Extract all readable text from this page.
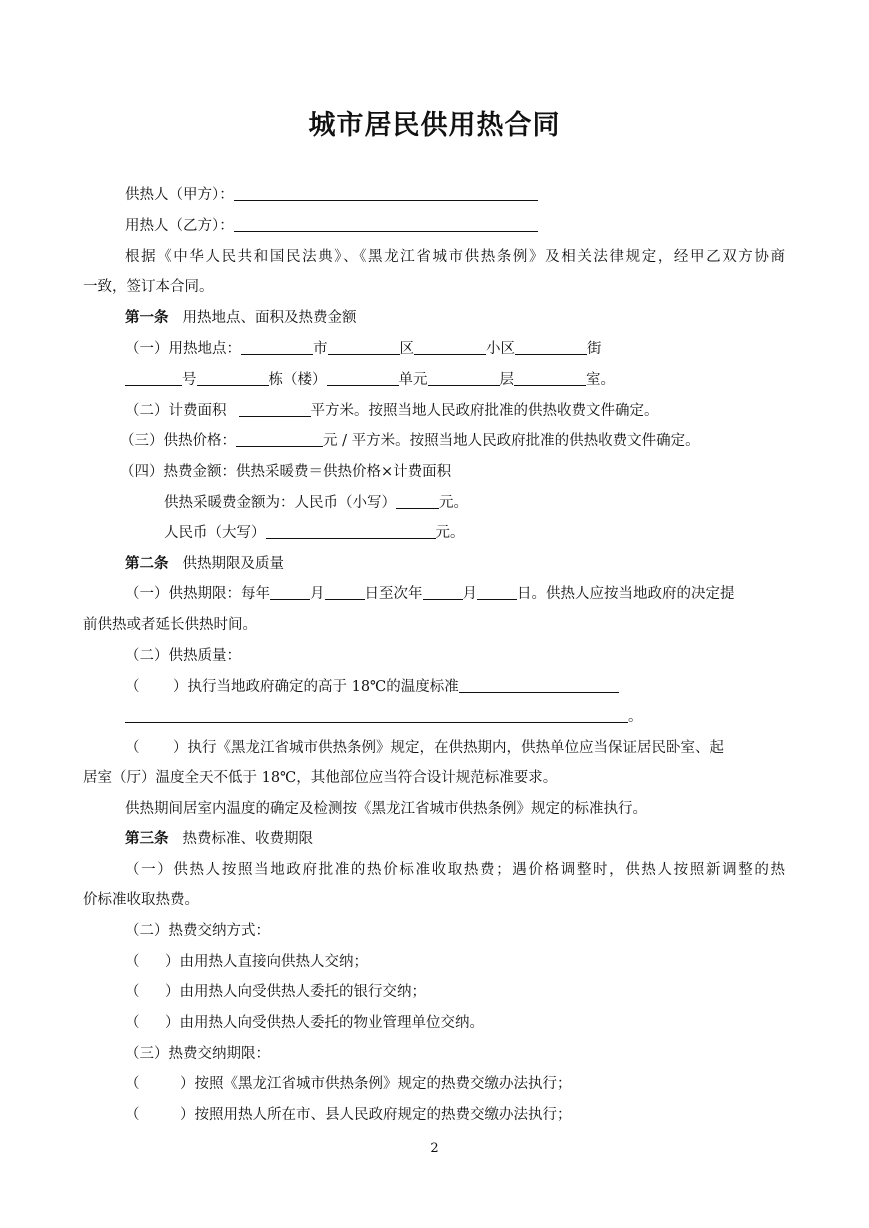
城市居民供用热合同
供热人（甲方）：
用热人（乙方）：
根据《中华人民共和国民法典》、《黑龙江省城市供热条例》及相关法律规定，经甲乙双方协商
一致，签订本合同。
第一条 用热地点、面积及热费金额
（一）用热地点：	市	区	小区	街
号	栋（楼）	单元	层	室。
（二）计费面积	平方米。按照当地人民政府批准的供热收费文件确定。
（三）供热价格：	元 / 平方米。按照当地人民政府批准的供热收费文件确定。
（四）热费金额：供热采暖费＝供热价格×计费面积
供热采暖费金额为：人民币（小写）	元。
人民币（大写）	元。
第二条 供热期限及质量
（一）供热期限：每年	月	日至次年	月	日。供热人应按当地政府的决定提
前供热或者延长供热时间。
（二）供热质量：
（ ）执行当地政府确定的高于 18℃的温度标准
。
（ ）执行《黑龙江省城市供热条例》规定，在供热期内，供热单位应当保证居民卧室、起
居室（厅）温度全天不低于 18℃，其他部位应当符合设计规范标准要求。
供热期间居室内温度的确定及检测按《黑龙江省城市供热条例》规定的标准执行。
第三条 热费标准、收费期限
（一）供热人按照当地政府批准的热价标准收取热费；遇价格调整时，供热人按照新调整的热
价标准收取热费。
（二）热费交纳方式：
（ ）由用热人直接向供热人交纳；
（ ）由用热人向受供热人委托的银行交纳；
（ ）由用热人向受供热人委托的物业管理单位交纳。
（三）热费交纳期限：
（	）按照《黑龙江省城市供热条例》规定的热费交缴办法执行；
（	）按照用热人所在市、县人民政府规定的热费交缴办法执行；
2
